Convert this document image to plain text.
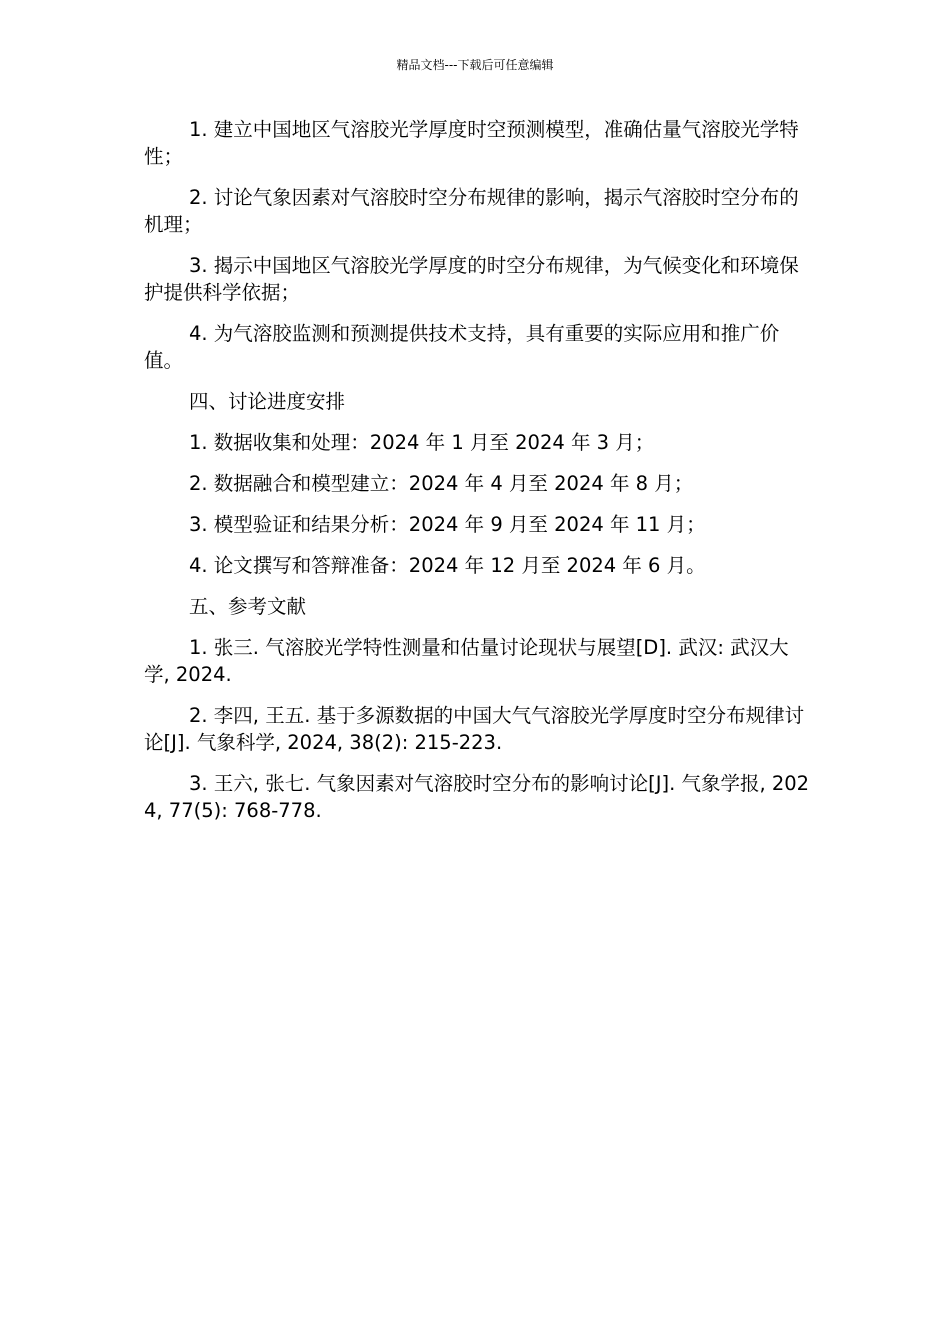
精品文档---下载后可任意编辑

1. 建立中国地区气溶胶光学厚度时空预测模型，准确估量气溶胶光学特性；

2. 讨论气象因素对气溶胶时空分布规律的影响，揭示气溶胶时空分布的机理；

3. 揭示中国地区气溶胶光学厚度的时空分布规律，为气候变化和环境保护提供科学依据；

4. 为气溶胶监测和预测提供技术支持，具有重要的实际应用和推广价值。

四、讨论进度安排

1. 数据收集和处理：2024 年 1 月至 2024 年 3 月；

2. 数据融合和模型建立：2024 年 4 月至 2024 年 8 月；

3. 模型验证和结果分析：2024 年 9 月至 2024 年 11 月；

4. 论文撰写和答辩准备：2024 年 12 月至 2024 年 6 月。

五、参考文献

1. 张三. 气溶胶光学特性测量和估量讨论现状与展望[D]. 武汉: 武汉大学, 2024.

2. 李四, 王五. 基于多源数据的中国大气气溶胶光学厚度时空分布规律讨论[J]. 气象科学, 2024, 38(2): 215-223.

3. 王六, 张七. 气象因素对气溶胶时空分布的影响讨论[J]. 气象学报, 2024, 77(5): 768-778.
